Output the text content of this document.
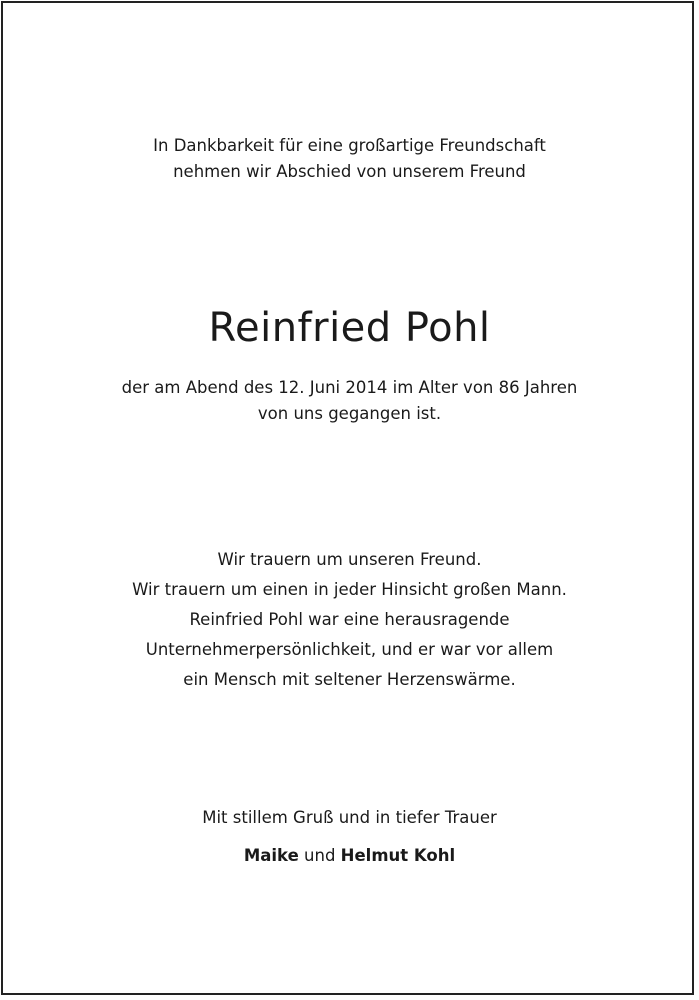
In Dankbarkeit für eine großartige Freundschaft
nehmen wir Abschied von unserem Freund
Reinfried Pohl
der am Abend des 12. Juni 2014 im Alter von 86 Jahren
von uns gegangen ist.
Wir trauern um unseren Freund.
Wir trauern um einen in jeder Hinsicht großen Mann.
Reinfried Pohl war eine herausragende
Unternehmerpersönlichkeit, und er war vor allem
ein Mensch mit seltener Herzenswärme.
Mit stillem Gruß und in tiefer Trauer
Maike und Helmut Kohl
